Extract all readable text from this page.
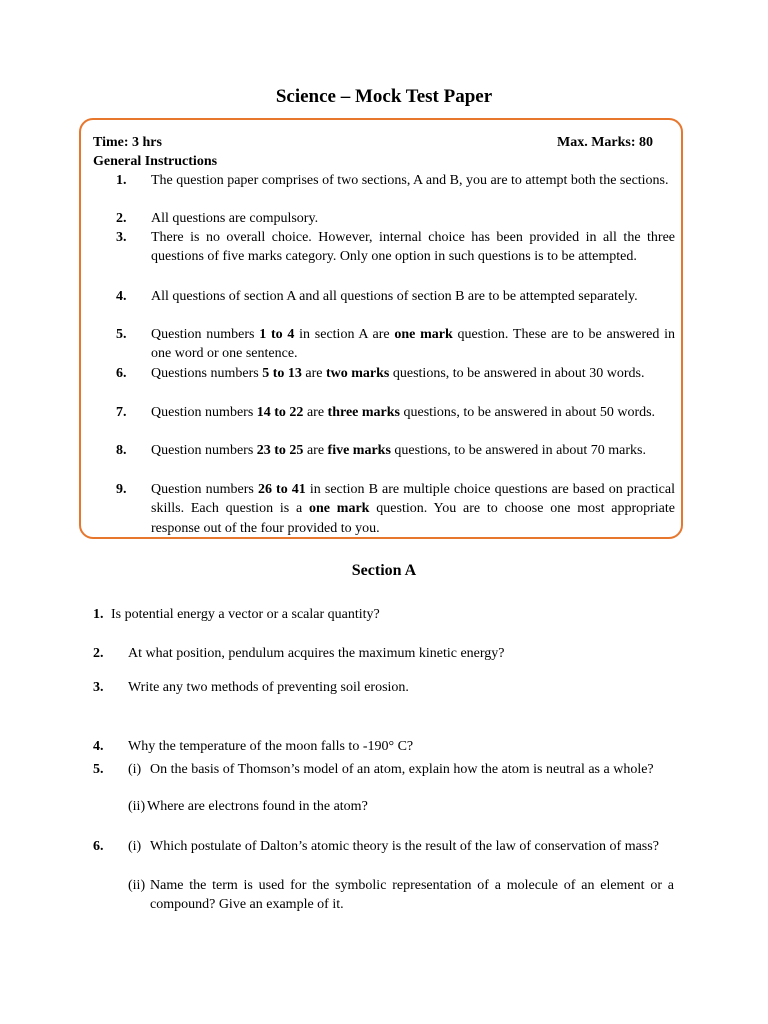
Science – Mock Test Paper
Time: 3 hrs	Max. Marks: 80
General Instructions
1.
2.
3.
4.
5.
6.
7.
8.
9.
The question paper comprises of two sections, A and B, you are to attempt both the sections.
All questions are compulsory.
There is no overall choice. However, internal choice has been provided in all the three questions of five marks category. Only one option in such questions is to be attempted.
All questions of section A and all questions of section B are to be attempted separately.
Question numbers 1 to 4 in section A are one mark question. These are to be answered in one word or one sentence.
Questions numbers 5 to 13 are two marks questions, to be answered in about 30 words.
Question numbers 14 to 22 are three marks questions, to be answered in about 50 words.
Question numbers 23 to 25 are five marks questions, to be answered in about 70 marks.
Question numbers 26 to 41 in section B are multiple choice questions are based on practical skills. Each question is a one mark question. You are to choose one most appropriate response out of the four provided to you.
Section A
1. Is potential energy a vector or a scalar quantity?
2. At what position, pendulum acquires the maximum kinetic energy?
3. Write any two methods of preventing soil erosion.
4. Why the temperature of the moon falls to -190° C?
5. (i) On the basis of Thomson’s model of an atom, explain how the atom is neutral as a whole?
(ii) Where are electrons found in the atom?
6. (i) Which postulate of Dalton’s atomic theory is the result of the law of conservation of mass?
(ii) Name the term is used for the symbolic representation of a molecule of an element or a compound? Give an example of it.
